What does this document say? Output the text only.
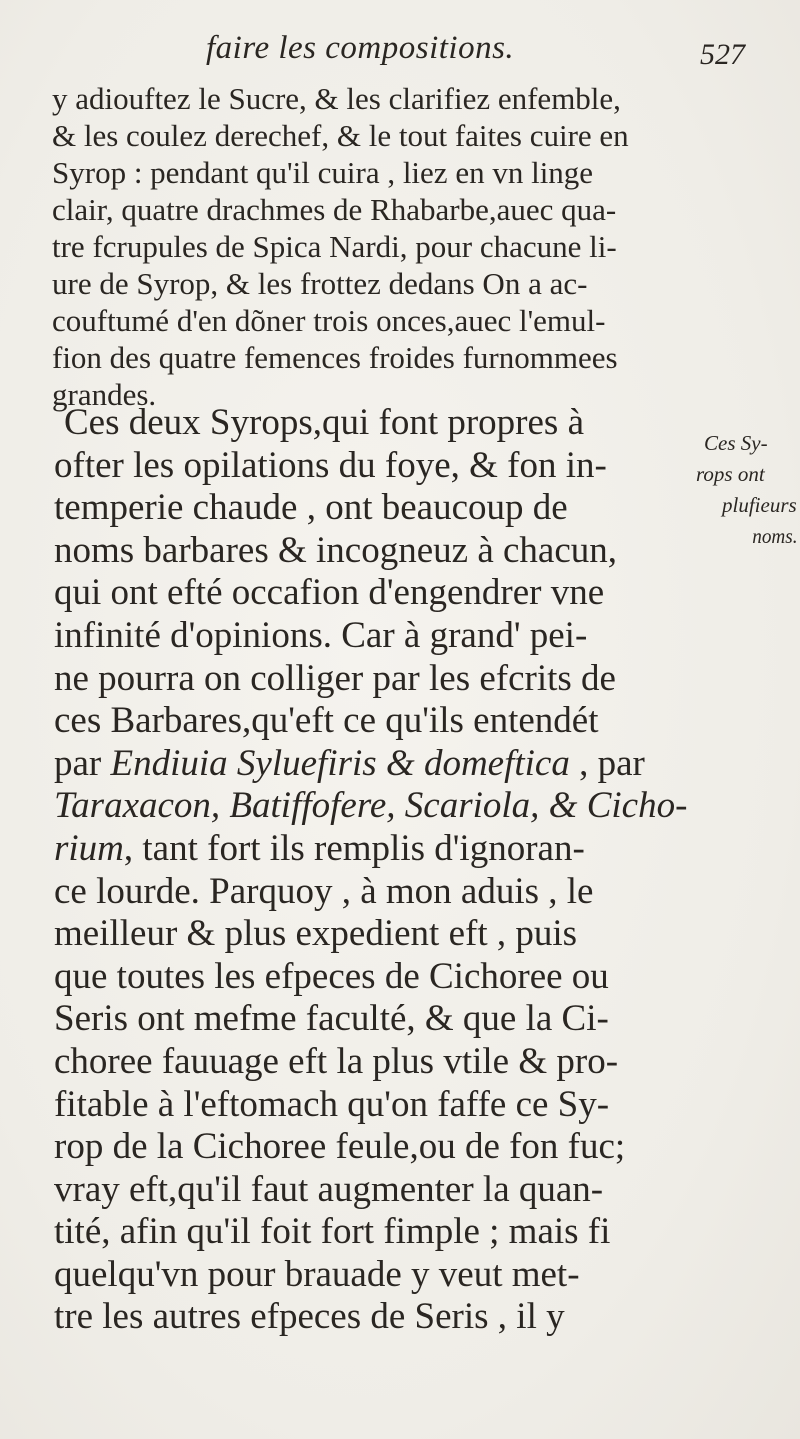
faire les compositions.	527
y adiouftez le Sucre, & les clarifiez enfemble,
& les coulez derechef, & le tout faites cuire en
Syrop : pendant qu'il cuira , liez en vn linge
clair, quatre drachmes de Rhabarbe,auec qua-
tre fcrupules de Spica Nardi, pour chacune li-
ure de Syrop, & les frottez dedans On a ac-
couftumé d'en dõner trois onces,auec l'emul-
fion des quatre femences froides furnommees
grandes.
Ces deux Syrops,qui font propres à
ofter les opilations du foye, & fon in-
temperie chaude , ont beaucoup de
noms barbares & incogneuz à chacun,
qui ont efté occafion d'engendrer vne
infinité d'opinions. Car à grand' pei-
ne pourra on colliger par les efcrits de
ces Barbares,qu'eft ce qu'ils entendét
par Endiuia Syluefiris & domeftica , par
Taraxacon, Batiffofere, Scariola, & Cicho-
rium, tant fort ils remplis d'ignoran-
ce lourde. Parquoy , à mon aduis , le
meilleur & plus expedient eft , puis
que toutes les efpeces de Cichoree ou
Seris ont mefme faculté, & que la Ci-
choree fauuage eft la plus vtile & pro-
fitable à l'eftomach qu'on faffe ce Sy-
rop de la Cichoree feule,ou de fon fuc;
vray eft,qu'il faut augmenter la quan-
tité, afin qu'il foit fort fimple ; mais fi
quelqu'vn pour brauade y veut met-
tre les autres efpeces de Seris , il y
Ces Sy-
rops ont
plufieurs
noms.
